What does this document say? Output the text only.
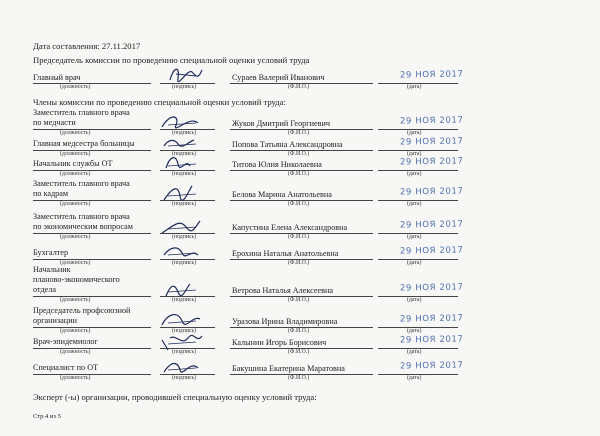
Дата составления: 27.11.2017
Председатель комиссии по проведению специальной оценки условий труда
Главный врач	Сураев Валерий Иванович	29 НОЯ 2017
(должность)	(подпись)	(Ф.И.О.)	(дата)
Члены комиссии по проведению специальной оценки условий труда:
Заместитель главного врача
по медчасти	Жуков Дмитрий Георгиевич	29 НОЯ 2017
(должность)	(подпись)	(Ф.И.О.)	(дата)
Главная медсестра больницы	Попова Татьяна Александровна	29 НОЯ 2017
(должность)	(подпись)	(Ф.И.О.)	(дата)
Начальник службы ОТ	Титова Юлия Николаевна	29 НОЯ 2017
(должность)	(подпись)	(Ф.И.О.)	(дата)
Заместитель главного врача
по кадрам	Белова Марина Анатольевна	29 НОЯ 2017
(должность)	(подпись)	(Ф.И.О.)	(дата)
Заместитель главного врача
по экономическим вопросам	Капустина Елена Александровна	29 НОЯ 2017
(должность)	(подпись)	(Ф.И.О.)	(дата)
Бухгалтер	Ерохина Наталья Анатольевна	29 НОЯ 2017
(должность)	(подпись)	(Ф.И.О.)	(дата)
Начальник
планово-экономического
отдела	Ветрова Наталья Алексеевна	29 НОЯ 2017
(должность)	(подпись)	(Ф.И.О.)	(дата)
Председатель профсоюзной
организации	Уразова Ирина Владимировна	29 НОЯ 2017
(должность)	(подпись)	(Ф.И.О.)	(дата)
Врач-эпидемиолог	Калынин Игорь Борисович	29 НОЯ 2017
(должность)	(подпись)	(Ф.И.О.)	(дата)
Специалист по ОТ	Бакушина Екатерина Маратовна	29 НОЯ 2017
(должность)	(подпись)	(Ф.И.О.)	(дата)
Эксперт (-ы) организации, проводившей специальную оценку условий труда:
Стр.4 из 5
